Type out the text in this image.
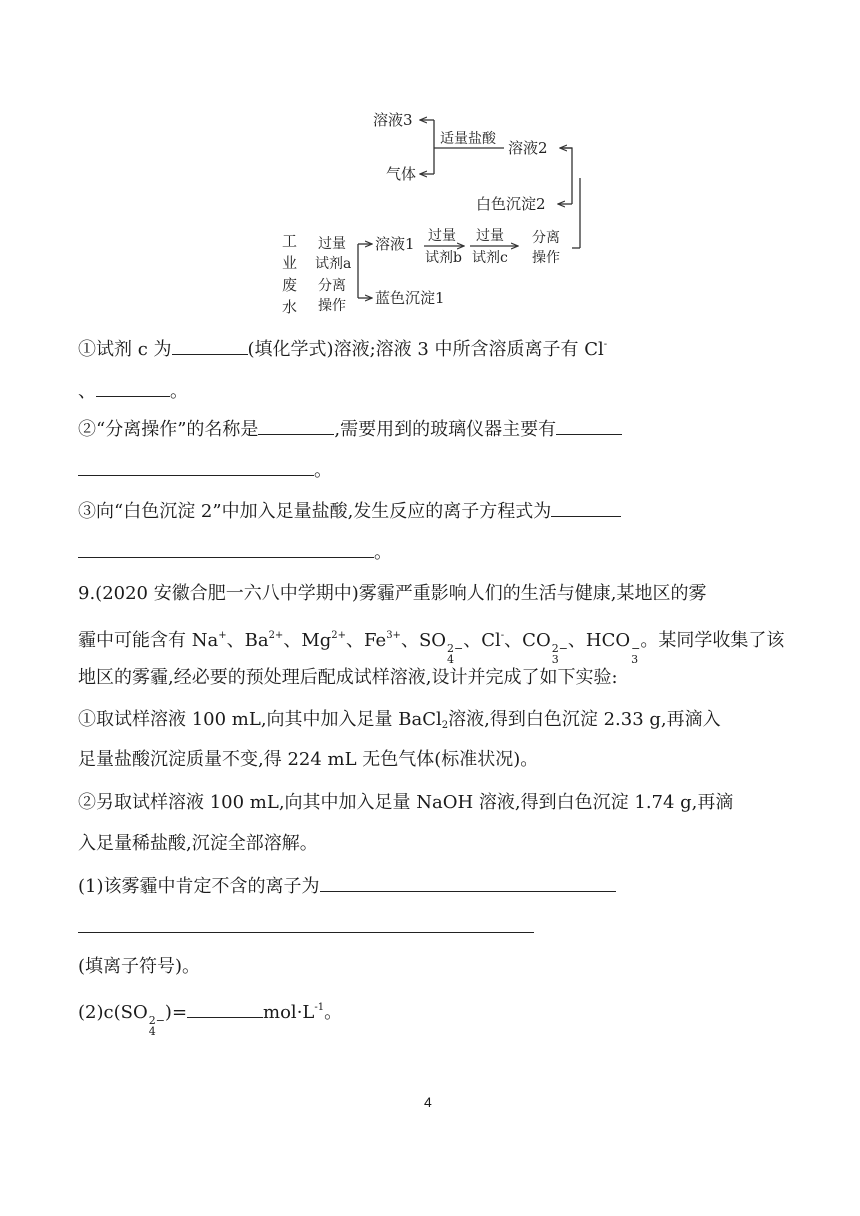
工
业
废
水
过量
试剂a
分离
操作
溶液1
蓝色沉淀1
过量
试剂b
过量
试剂c
分离
操作
白色沉淀2
溶液2
适量盐酸
溶液3
气体
①试剂 c 为	(填化学式)溶液;溶液 3 中所含溶质离子有 Cl-
、	。
②“分离操作”的名称是	,需要用到的玻璃仪器主要有
。
③向“白色沉淀 2”中加入足量盐酸,发生反应的离子方程式为
。
9.(2020 安徽合肥一六八中学期中)雾霾严重影响人们的生活与健康,某地区的雾
霾中可能含有 Na+、$Ba^{2+}$、$Mg^{2+}$、$Fe^{3+}$、SO 2−
4
、Cl-、CO 2−
3
、HCO −
3
。某同学收集了该
地区的雾霾,经必要的预处理后配成试样溶液,设计并完成了如下实验:
①取试样溶液 100 mL,向其中加入足量 BaCl$_2$溶液,得到白色沉淀 2.33 g,再滴入
足量盐酸沉淀质量不变,得 224 mL 无色气体(标准状况)。
②另取试样溶液 100 mL,向其中加入足量 NaOH 溶液,得到白色沉淀 1.74 g,再滴
入足量稀盐酸,沉淀全部溶解。
(1)该雾霾中肯定不含的离子为
(填离子符号)。
(2)c(SO 2−
4
)=	$mol\cdot L^{-1}$。
4
